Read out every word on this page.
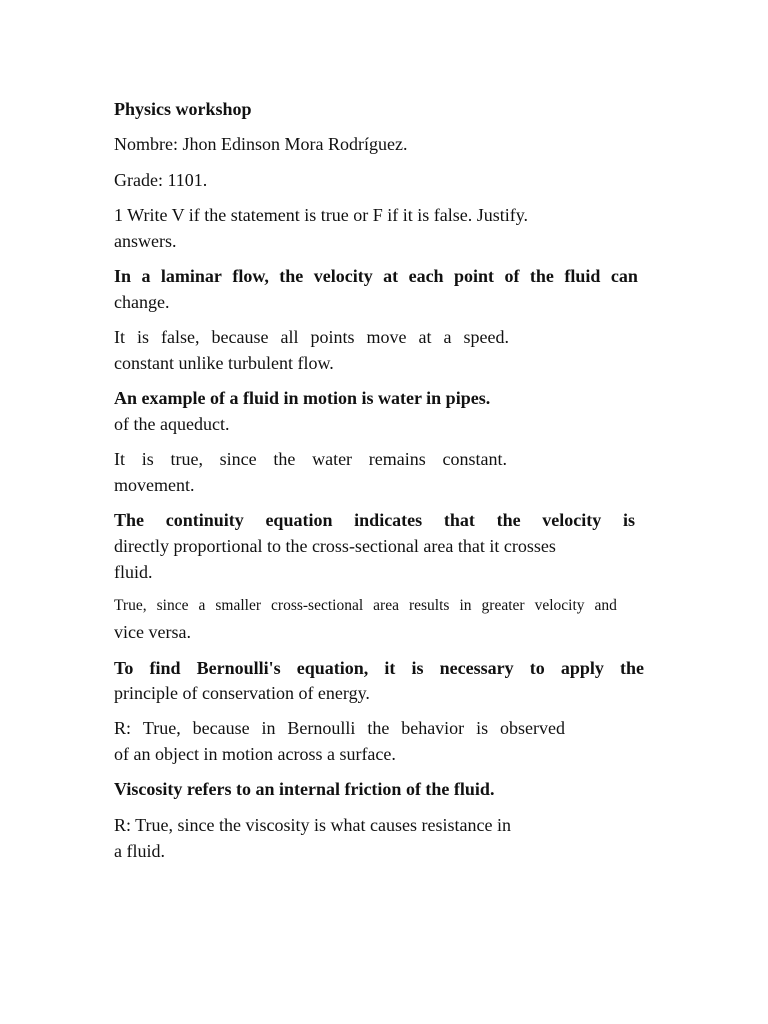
Physics workshop
Nombre: Jhon Edinson Mora Rodríguez.
Grade: 1101.
1 Write V if the statement is true or F if it is false. Justify.
answers.
In a laminar flow, the velocity at each point of the fluid can
change.
It is false, because all points move at a speed.
constant unlike turbulent flow.
An example of a fluid in motion is water in pipes.
of the aqueduct.
It is true, since the water remains constant.
movement.
The continuity equation indicates that the velocity is
directly proportional to the cross-sectional area that it crosses
fluid.
True, since a smaller cross-sectional area results in greater velocity and
vice versa.
To find Bernoulli's equation, it is necessary to apply the
principle of conservation of energy.
R: True, because in Bernoulli the behavior is observed
of an object in motion across a surface.
Viscosity refers to an internal friction of the fluid.
R: True, since the viscosity is what causes resistance in
a fluid.
